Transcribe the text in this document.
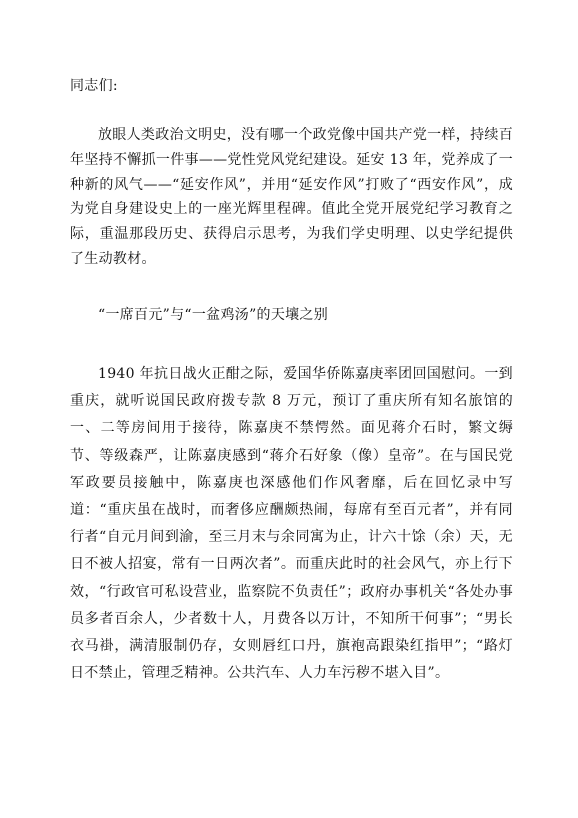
同志们:

放眼人类政治文明史，没有哪一个政党像中国共产党一样，持续百年坚持不懈抓一件事——党性党风党纪建设。延安 13 年，党养成了一种新的风气——“延安作风”，并用“延安作风”打败了“西安作风”，成为党自身建设史上的一座光辉里程碑。值此全党开展党纪学习教育之际，重温那段历史、获得启示思考，为我们学史明理、以史学纪提供了生动教材。

“一席百元”与“一盆鸡汤”的天壤之别

1940 年抗日战火正酣之际，爱国华侨陈嘉庚率团回国慰问。一到重庆，就听说国民政府拨专款 8 万元，预订了重庆所有知名旅馆的一、二等房间用于接待，陈嘉庚不禁愕然。面见蒋介石时，繁文缛节、等级森严，让陈嘉庚感到“蒋介石好象（像）皇帝”。在与国民党军政要员接触中，陈嘉庚也深感他们作风奢靡，后在回忆录中写道：“重庆虽在战时，而奢侈应酬颇热闹，每席有至百元者”，并有同行者“自元月间到渝，至三月末与余同寓为止，计六十馀（余）天，无日不被人招宴，常有一日两次者”。而重庆此时的社会风气，亦上行下效，“行政官可私设营业，监察院不负责任”；政府办事机关“各处办事员多者百余人，少者数十人，月费各以万计，不知所干何事”；“男长衣马褂，满清服制仍存，女则唇红口丹，旗袍高跟染红指甲”；“路灯日不禁止，管理乏精神。公共汽车、人力车污秽不堪入目”。
